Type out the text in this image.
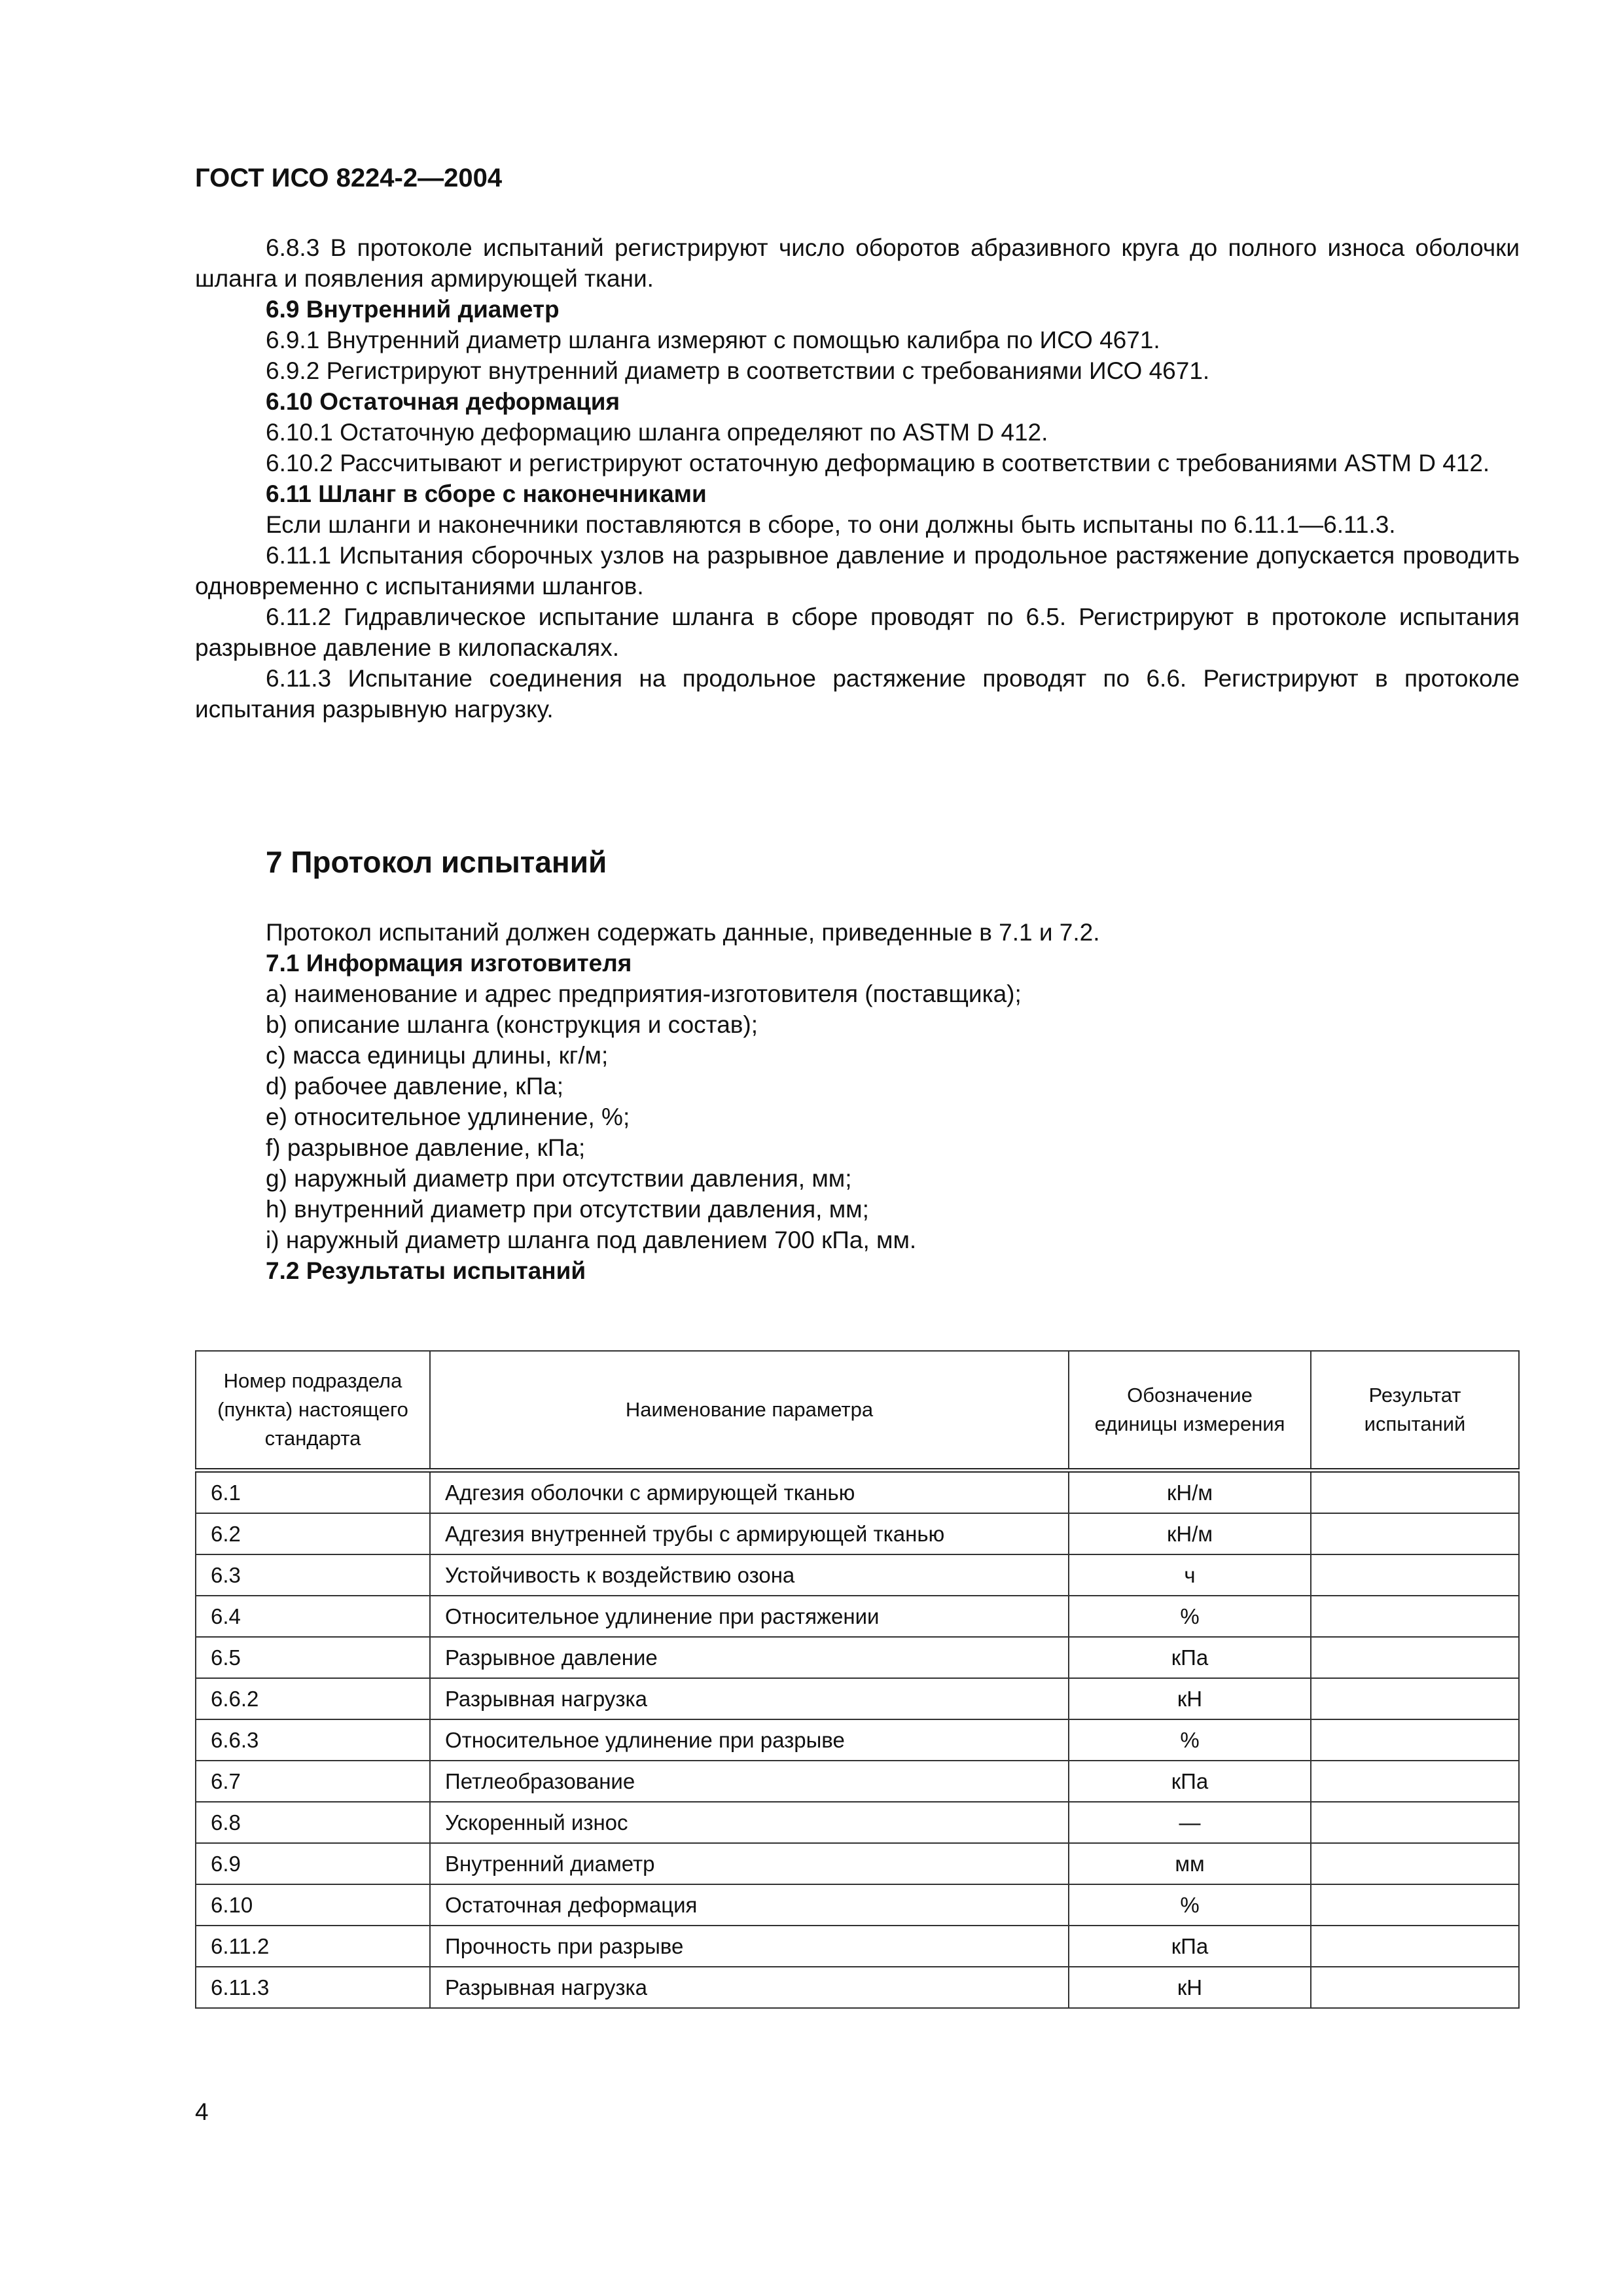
ГОСТ ИСО 8224-2—2004

6.8.3 В протоколе испытаний регистрируют число оборотов абразивного круга до полного износа оболочки шланга и появления армирующей ткани.

6.9 Внутренний диаметр

6.9.1 Внутренний диаметр шланга измеряют с помощью калибра по ИСО 4671.

6.9.2 Регистрируют внутренний диаметр в соответствии с требованиями ИСО 4671.

6.10 Остаточная деформация

6.10.1 Остаточную деформацию шланга определяют по ASTM D 412.

6.10.2 Рассчитывают и регистрируют остаточную деформацию в соответствии с требованиями ASTM D 412.

6.11 Шланг в сборе с наконечниками

Если шланги и наконечники поставляются в сборе, то они должны быть испытаны по 6.11.1—6.11.3.

6.11.1 Испытания сборочных узлов на разрывное давление и продольное растяжение допускается проводить одновременно с испытаниями шлангов.

6.11.2 Гидравлическое испытание шланга в сборе проводят по 6.5. Регистрируют в протоколе испытания разрывное давление в килопаскалях.

6.11.3 Испытание соединения на продольное растяжение проводят по 6.6. Регистрируют в протоколе испытания разрывную нагрузку.

7 Протокол испытаний

Протокол испытаний должен содержать данные, приведенные в 7.1 и 7.2.

7.1 Информация изготовителя

a) наименование и адрес предприятия-изготовителя (поставщика);

b) описание шланга (конструкция и состав);

c) масса единицы длины, кг/м;

d) рабочее давление, кПа;

e) относительное удлинение, %;

f) разрывное давление, кПа;

g) наружный диаметр при отсутствии давления, мм;

h) внутренний диаметр при отсутствии давления, мм;

i) наружный диаметр шланга под давлением 700 кПа, мм.

7.2 Результаты испытаний

Номер подраздела (пункта) настоящего стандарта	Наименование параметра	Обозначение единицы измерения	Результат испытаний
6.1	Адгезия оболочки с армирующей тканью	кН/м	
6.2	Адгезия внутренней трубы с армирующей тканью	кН/м	
6.3	Устойчивость к воздействию озона	ч	
6.4	Относительное удлинение при растяжении	%	
6.5	Разрывное давление	кПа	
6.6.2	Разрывная нагрузка	кН	
6.6.3	Относительное удлинение при разрыве	%	
6.7	Петлеобразование	кПа	
6.8	Ускоренный износ	—	
6.9	Внутренний диаметр	мм	
6.10	Остаточная деформация	%	
6.11.2	Прочность при разрыве	кПа	
6.11.3	Разрывная нагрузка	кН	
4
